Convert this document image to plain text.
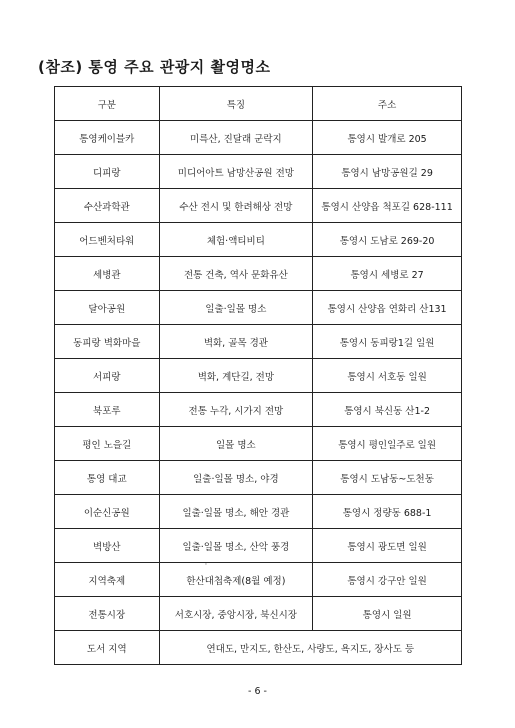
(참조) 통영 주요 관광지 촬영명소
구분	특징	주소
통영케이블카	미륵산, 진달래 군락지	통영시 발개로 205
디피랑	미디어아트 남망산공원 전망	통영시 남망공원길 29
수산과학관	수산 전시 및 한려해상 전망	통영시 산양읍 척포길 628-111
어드벤처타워	체험·액티비티	통영시 도남로 269-20
세병관	전통 건축, 역사 문화유산	통영시 세병로 27
달아공원	일출·일몰 명소	통영시 산양읍 연화리 산131
동피랑 벽화마을	벽화, 골목 경관	통영시 동피랑1길 일원
서피랑	벽화, 계단길, 전망	통영시 서호동 일원
북포루	전통 누각, 시가지 전망	통영시 북신동 산1-2
평인 노을길	일몰 명소	통영시 평인일주로 일원
통영 대교	일출·일몰 명소, 야경	통영시 도남동~도천동
이순신공원	일출·일몰 명소, 해안 경관	통영시 정량동 688-1
벽방산	일출·일몰 명소, 산악 풍경	통영시 광도면 일원
지역축제	한산대첩축제(8월 예정)	통영시 강구안 일원
전통시장	서호시장, 중앙시장, 북신시장	통영시 일원
도서 지역	연대도, 만지도, 한산도, 사량도, 욕지도, 장사도 등	
'
- 6 -
